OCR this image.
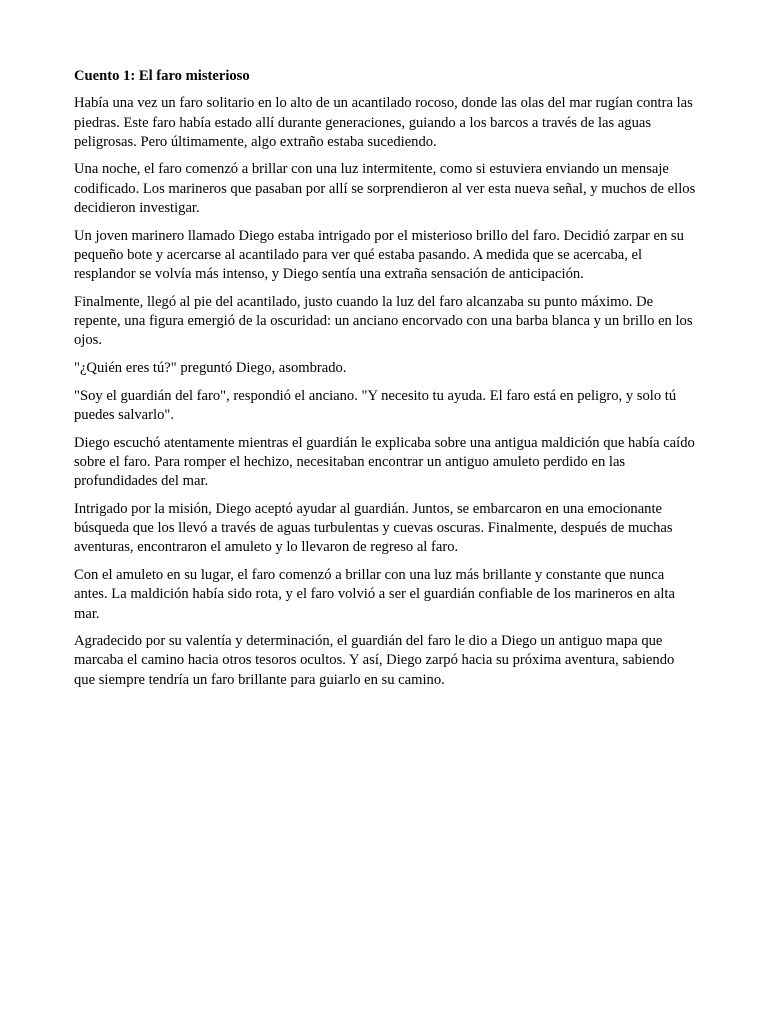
Cuento 1: El faro misterioso

Había una vez un faro solitario en lo alto de un acantilado rocoso, donde las olas del mar rugían contra las piedras. Este faro había estado allí durante generaciones, guiando a los barcos a través de las aguas peligrosas. Pero últimamente, algo extraño estaba sucediendo.

Una noche, el faro comenzó a brillar con una luz intermitente, como si estuviera enviando un mensaje codificado. Los marineros que pasaban por allí se sorprendieron al ver esta nueva señal, y muchos de ellos decidieron investigar.

Un joven marinero llamado Diego estaba intrigado por el misterioso brillo del faro. Decidió zarpar en su pequeño bote y acercarse al acantilado para ver qué estaba pasando. A medida que se acercaba, el resplandor se volvía más intenso, y Diego sentía una extraña sensación de anticipación.

Finalmente, llegó al pie del acantilado, justo cuando la luz del faro alcanzaba su punto máximo. De repente, una figura emergió de la oscuridad: un anciano encorvado con una barba blanca y un brillo en los ojos.

"¿Quién eres tú?" preguntó Diego, asombrado.

"Soy el guardián del faro", respondió el anciano. "Y necesito tu ayuda. El faro está en peligro, y solo tú puedes salvarlo".

Diego escuchó atentamente mientras el guardián le explicaba sobre una antigua maldición que había caído sobre el faro. Para romper el hechizo, necesitaban encontrar un antiguo amuleto perdido en las profundidades del mar.

Intrigado por la misión, Diego aceptó ayudar al guardián. Juntos, se embarcaron en una emocionante búsqueda que los llevó a través de aguas turbulentas y cuevas oscuras. Finalmente, después de muchas aventuras, encontraron el amuleto y lo llevaron de regreso al faro.

Con el amuleto en su lugar, el faro comenzó a brillar con una luz más brillante y constante que nunca antes. La maldición había sido rota, y el faro volvió a ser el guardián confiable de los marineros en alta mar.

Agradecido por su valentía y determinación, el guardián del faro le dio a Diego un antiguo mapa que marcaba el camino hacia otros tesoros ocultos. Y así, Diego zarpó hacia su próxima aventura, sabiendo que siempre tendría un faro brillante para guiarlo en su camino.
